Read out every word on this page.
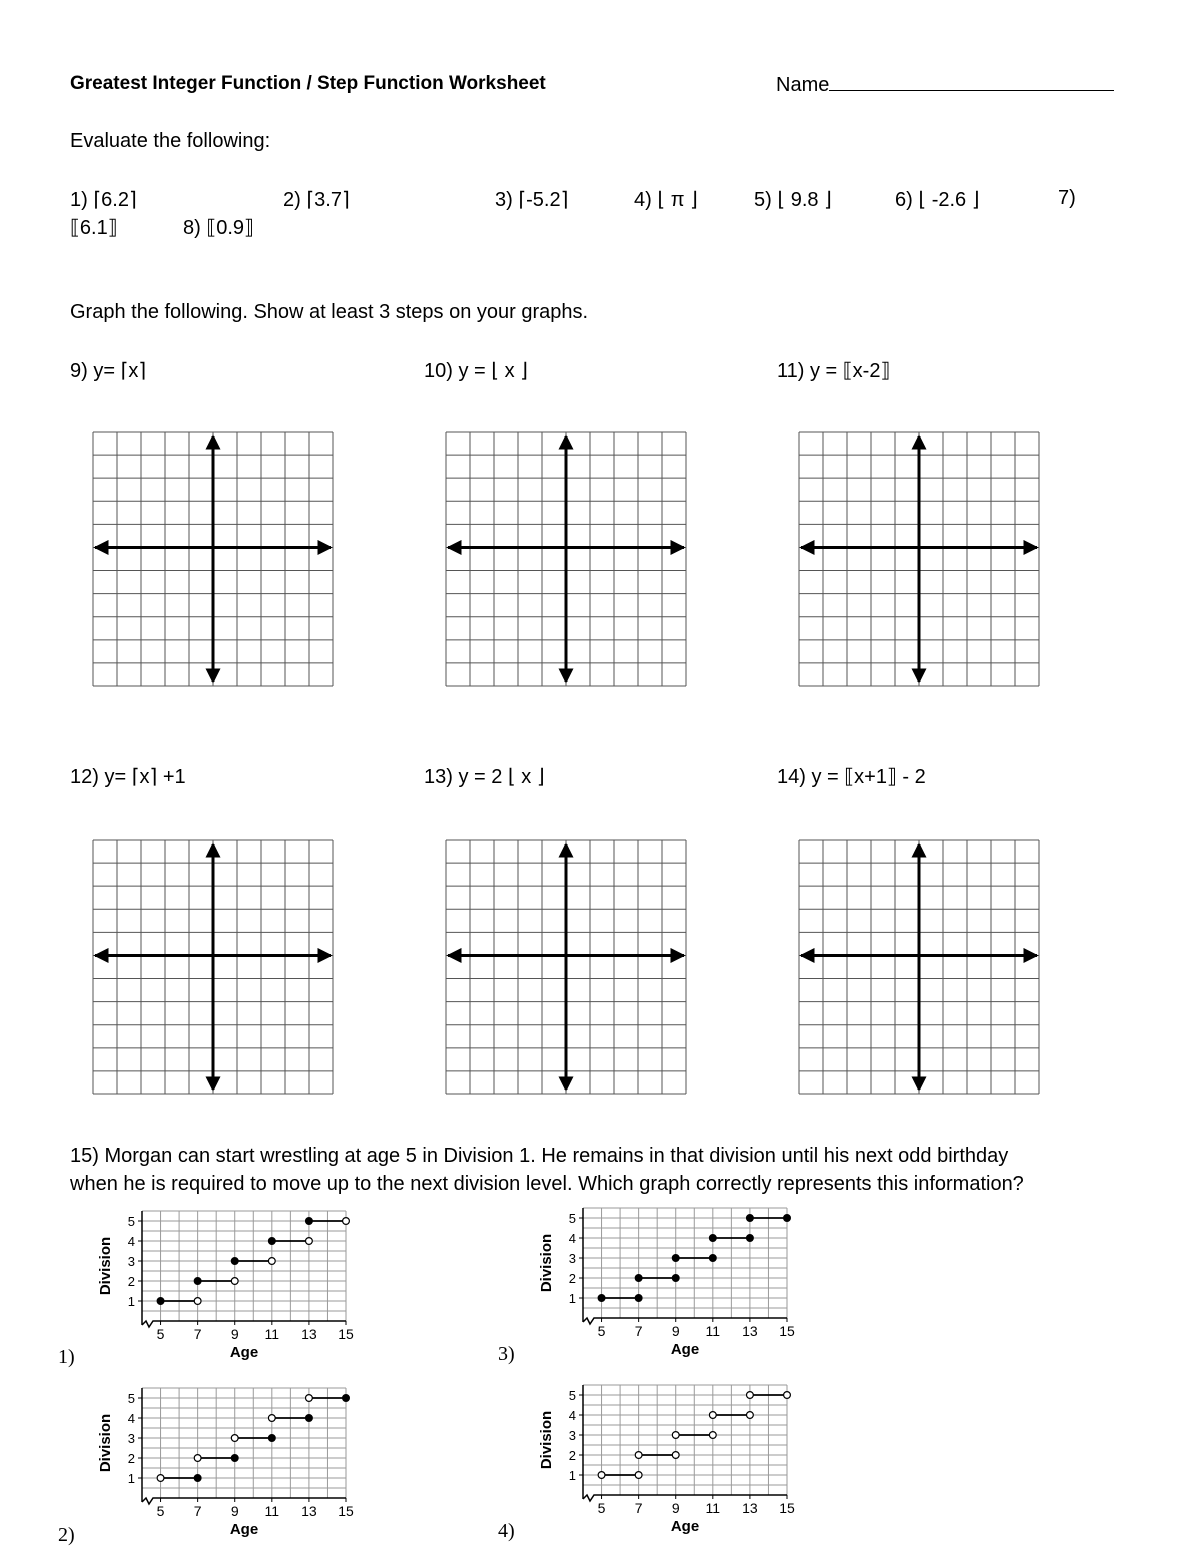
Greatest Integer Function / Step Function Worksheet	Name
Evaluate the following:
1) ⌈6.2⌉	2) ⌈3.7⌉	3) ⌈-5.2⌉	4) ⌊ π ⌋	5) ⌊ 9.8 ⌋	6) ⌊ -2.6 ⌋	7)
⟦6.1⟧	8) ⟦0.9⟧
Graph the following. Show at least 3 steps on your graphs.
9) y= ⌈x⌉	10) y = ⌊ x ⌋	11) y = ⟦x-2⟧
12) y= ⌈x⌉ +1	13) y = 2 ⌊ x ⌋	14) y = ⟦x+1⟧ - 2
15) Morgan can start wrestling at age 5 in Division 1. He remains in that division until his next odd birthday
when he is required to move up to the next division level. Which graph correctly represents this information?
5 7 9 11 13 15
1
2
3
4
5
Age
Division
5 7 9 11 13 15
1
2
3
4
5
Age
Division
5 7 9 11 13 15
1
2
3
4
5
Age
Division
5 7 9 11 13 15
1
2
3
4
5
Age
Division
1)
2)
3)
4)
